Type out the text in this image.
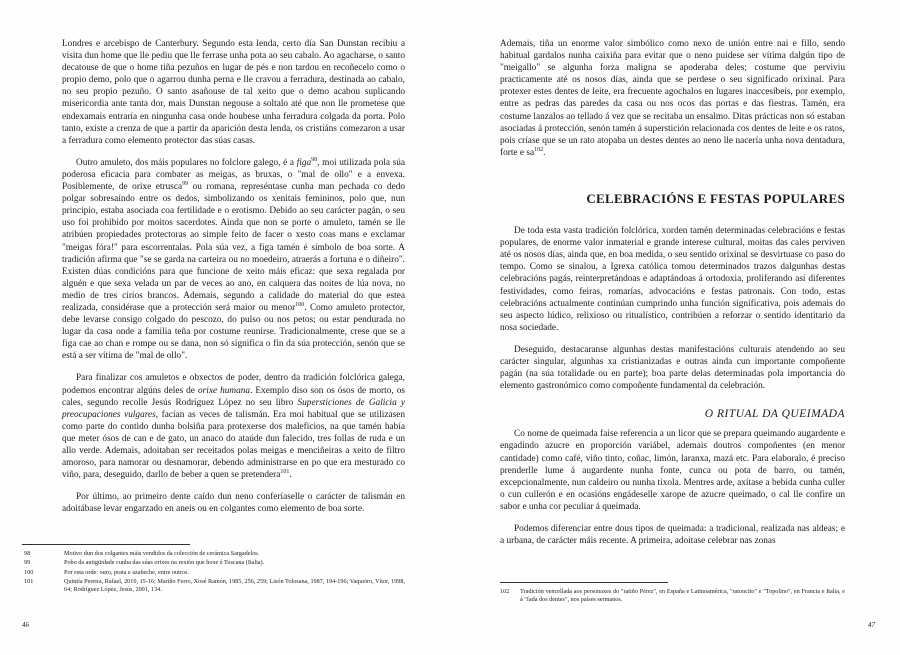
Londres e arcebispo de Canterbury. Segundo esta lenda, certo día San Dunstan recibiu a visita dun home que lle pediu que lle ferrase unha pota ao seu cabalo. Ao agacharse, o santo decatouse de que o home tiña pezuños en lugar de pés e non tardou en recoñecelo como o propio demo, polo que o agarrou dunha perna e lle cravou a ferradura, destinada ao cabalo, no seu propio pezuño. O santo asañouse de tal xeito que o demo acabou suplicando misericordia ante tanta dor, mais Dunstan negouse a soltalo até que non lle prometese que endexamais entraría en ningunha casa onde houbese unha ferradura colgada da porta. Polo tanto, existe a crenza de que a partir da aparición desta lenda, os cristiáns comezaron a usar a ferradura como elemento protector das súas casas.

Outro amuleto, dos máis populares no folclore galego, é a figa$^{98}$, moi utilizada pola súa poderosa eficacia para combater as meigas, as bruxas, o "mal de ollo" e a envexa. Posiblemente, de orixe etrusca$^{99}$ ou romana, represéntase cunha man pechada co dedo polgar sobresaíndo entre os dedos, simbolizando os xenitais femininos, polo que, nun principio, estaba asociada coa fertilidade e o erotismo. Debido ao seu carácter pagán, o seu uso foi prohibido por moitos sacerdotes. Ainda que non se porte o amuleto, tamén se lle atribúen propiedades protectoras ao simple feito de facer o xesto coas mans e exclamar "meigas fóra!" para escorrentalas. Pola súa vez, a figa tamén é símbolo de boa sorte. A tradición afirma que "se se garda na carteira ou no moedeiro, atraerás a fortuna e o diñeiro". Existen dúas condicións para que funcione de xeito máis eficaz: que sexa regalada por alguén e que sexa velada un par de veces ao ano, en calquera das noites de lúa nova, no medio de tres cirios brancos. Ademais, segundo a calidade do material do que estea realizada, considérase que a protección será maior ou menor$^{100}$. Como amuleto protector, debe levarse consigo colgado do pescozo, do pulso ou nos petos; ou estar pendurada no lugar da casa onde a familia teña por costume reunirse. Tradicionalmente, crese que se a figa cae ao chan e rompe ou se dana, non só significa o fin da súa protección, senón que se está a ser vítima de "mal de ollo".

Para finalizar cos amuletos e obxectos de poder, dentro da tradición folclórica galega, podemos encontrar algúns deles de orixe humana. Exemplo diso son os ósos de morto, os cales, segundo recolle Jesús Rodríguez López no seu libro Supersticiones de Galicia y preocupaciones vulgares, facían as veces de talismán. Era moi habitual que se utilizasen como parte do contido dunha bolsiña para protexerse dos maleficios, na que tamén había que meter ósos de can e de gato, un anaco do ataúde dun falecido, tres follas de ruda e un allo verde. Ademais, adoitaban ser receitados polas meigas e menciñeiras a xeito de filtro amoroso, para namorar ou desnamorar, debendo administrarse en po que era mesturado co viño, para, deseguido, darllo de beber a quen se pretendera$^{101}$.

Por último, ao primeiro dente caído dun neno conferíaselle o carácter de talismán en adoitábase levar engarzado en aneis ou en colgantes como elemento de boa sorte.

98	Motivo dun dos colgantes máis vendidos da colección de cerámica Sargadelos.
99	Pobo da antigüidade cunha das súas orixes na rexión que hoxe é Toscana (Italia).
100	Por esta orde: ouro, prata e azabeche, entre outros.
101	Quintía Pereira, Rafael, 2010, 15-16; Mariño Ferro, Xosé Ramón, 1985, 256, 259; Lisón Tolosana, 1987, 194-196; Vaqueiro, Vítor, 1998, 64; Rodríguez López, Jesús, 2001, 134.
46

Ademais, tiña un enorme valor simbólico como nexo de unión entre nai e fillo, sendo habitual gardalos nunha caixiña para evitar que o neno puidese ser vítima dalgún tipo de "meigallo" se algunha forza maligna se apoderaba deles; costume que perviviu practicamente até os nosos días, ainda que se perdese o seu significado orixinal. Para protexer estes dentes de leite, era frecuente agochalos en lugares inaccesíbeis, por exemplo, entre as pedras das paredes da casa ou nos ocos das portas e das fiestras. Tamén, era costume lanzalos ao tellado á vez que se recitaba un ensalmo. Ditas prácticas non só estaban asociadas á protección, senón tamén á superstición relacionada cos dentes de leite e os ratos, pois críase que se un rato atopaba un destes dentes ao neno lle nacería unha nova dentadura, forte e $sa^{102}$.

CELEBRACIÓNS E FESTAS POPULARES

De toda esta vasta tradición folclórica, xorden tamén determinadas celebracións e festas populares, de enorme valor inmaterial e grande interese cultural, moitas das cales perviven até os nosos días, ainda que, en boa medida, o seu sentido orixinal se desvirtuase co paso do tempo. Como se sinalou, a Igrexa católica tomou determinados trazos dalgunhas destas celebracións pagás, reinterpretándoas e adaptándoas á ortodoxia, proliferando así diferentes festividades, como feiras, romarías, advocacións e festas patronais. Con todo, estas celebracións actualmente continúan cumprindo unha función significativa, pois ademais do seu aspecto lúdico, relixioso ou ritualístico, contribúen a reforzar o sentido identitario da nosa sociedade.

Deseguido, destacaranse algunhas destas manifestacións culturais atendendo ao seu carácter singular, algunhas xa cristianizadas e outras ainda cun importante compoñente pagán (na súa totalidade ou en parte); boa parte delas determinadas pola importancia do elemento gastronómico como compoñente fundamental da celebración.

O RITUAL DA QUEIMADA

Co nome de queimada faise referencia a un licor que se prepara queimando augardente e engadindo azucre en proporción variábel, ademais doutros compoñentes (en menor cantidade) como café, viño tinto, coñac, limón, laranxa, mazá etc. Para elaboralo, é preciso prenderlle lume á augardente nunha fonte, cunca ou pota de barro, ou tamén, excepcionalmente, nun caldeiro ou nunha tixola. Mentres arde, axítase a bebida cunha culler o cun cullerón e en ocasións engádeselle xarope de azucre queimado, o cal lle confire un sabor e unha cor peculiar á queimada.

Podemos diferenciar entre dous tipos de queimada: a tradicional, realizada nas aldeas; e a urbana, de carácter máis recente. A primeira, adoitase celebrar nas zonas

102	Tradición vencellada aos personaxes do "ratiño Pérez", en España e Latinoamérica, "ratoncito" e "Topolino", en Francia e Italia, e á "fada dos dentes", nos países sermanos.
47
